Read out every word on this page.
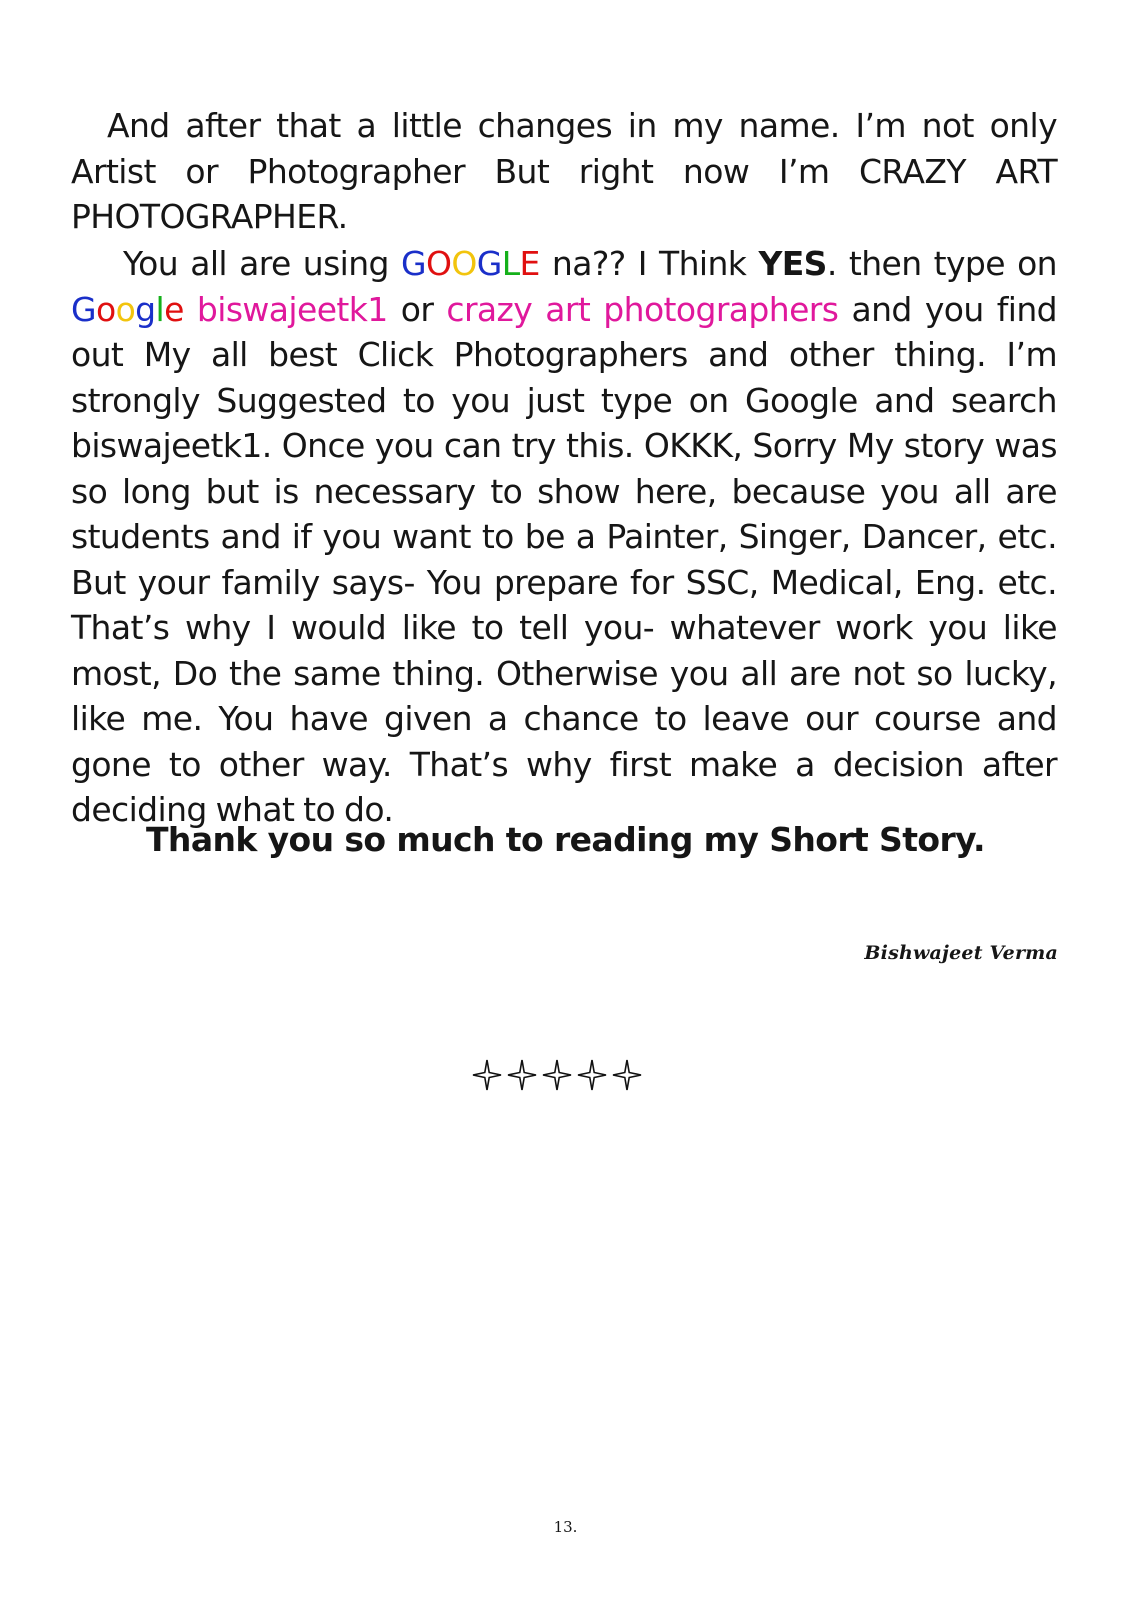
And after that a little changes in my name. I’m not only Artist or Photographer But right now I’m CRAZY ART PHOTOGRAPHER.

You all are using GOOGLE na?? I Think YES. then type on Google biswajeetk1 or crazy art photographers and you find out My all best Click Photographers and other thing. I’m strongly Suggested to you just type on Google and search biswajeetk1. Once you can try this. OKKK, Sorry My story was so long but is necessary to show here, because you all are students and if you want to be a Painter, Singer, Dancer, etc. But your family says- You prepare for SSC, Medical, Eng. etc. That’s why I would like to tell you- whatever work you like most, Do the same thing. Otherwise you all are not so lucky, like me. You have given a chance to leave our course and gone to other way. That’s why first make a decision after deciding what to do.

Thank you so much to reading my Short Story.

Bishwajeet Verma

13.
